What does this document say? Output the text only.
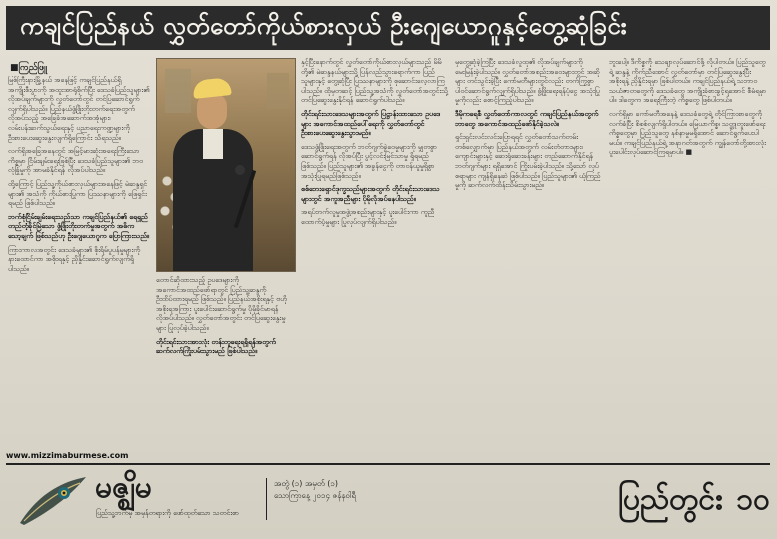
ကချင်ပြည်နယ် လွှတ်တော်ကိုယ်စားလှယ် ဦးဂျေယောဂူနှင့်တွေ့ဆုံခြင်း
■ကြည်ဖြူ

မြစ်ကြီးနားမြို့နယ် အနေဖြင့် ကချင်ပြည်နယ်ရှိ အကျိုးစီးပွားကို အထူးအာရုံစိုက်ပြီး ဒေသခံပြည်သူများ၏ လိုအပ်ချက်များကို လွှတ်တော်တွင် တင်ပြဆောင်ရွက်လျက်ရှိပါသည်။ ပြည်နယ်ဖွံ့ဖြိုးတိုးတက်ရေးအတွက် လိုအပ်သည့် အခြေခံအဆောက်အအုံများ၊ လမ်းပန်းဆက်သွယ်ရေးနှင့် ပညာရေးကဏ္ဍများကို ဦးစားပေးဆွေးနွေးလျက်ရှိကြောင်း သိရသည်။

လက်ရှိအခြေအနေတွင် အမြင့်မားဆုံးအရေးကြီးသော ကိစ္စမှာ ငြိမ်းချမ်းရေးဖြစ်ပြီး ဒေသခံပြည်သူများ၏ ဘဝလုံခြုံမှုကို အာမခံနိုင်ရန် လိုအပ်ပါသည်။

ထို့ကြောင့် ပြည်သူ့ကိုယ်စားလှယ်များအနေဖြင့် မဲဆန္ဒရှင်များ၏ အသံကို ကိုယ်စားပြုကာ ပြဿနာများကို ဖြေရှင်းရမည် ဖြစ်ပါသည်။

ဘက်စုံငြိမ်းချမ်းရေးသည်သာ ကချင်ပြည်နယ်၏ ရေရှည်တည်တံ့ခိုင်မြဲသော ဖွံ့ဖြိုးတိုးတက်မှုအတွက် အဓိကသော့ချက် ဖြစ်သည်ဟု ဦးဂျေယောဂူက ပြောကြားသည်။

ကြားကာလအတွင်း ဒေသခံများ၏ စိုးရိမ်ပူပန်မှုများကို နားထောင်ကာ အစိုးရနှင့် ညှိနှိုင်းဆောင်ရွက်လျက်ရှိပါသည်။

တောင်ဆိုထားသည့် ဥပဒေများကို အကောင်အထည်ဖော်ရာတွင် ပြည်သူ့ဆန္ဒကို ဦးထိပ်ထားရမည် ဖြစ်သည်။ ပြည်နယ်အစိုးရနှင့် ဗဟိုအစိုးရအကြား ပူးပေါင်းဆောင်ရွက်မှု ပိုမိုခိုင်မာရန် လိုအပ်ပါသည်။ လွှတ်တော်အတွင်း တင်ပြဆွေးနွေးမှုများ ပြုလုပ်ခဲ့ပါသည်။

တိုင်းရင်းသားအားလုံး တန်းတူရေးရရှိရန်အတွက် ဆက်လက်ကြိုးပမ်းသွားမည် ဖြစ်ပါသည်။

နှင့်ပြီးနောက်တွင် လွှတ်တော်ကိုယ်စားလှယ်များသည် မိမိတို့၏ မဲဆန္ဒနယ်များသို့ ပြန်လည်သွားရောက်ကာ ပြည်သူများနှင့် တွေ့ဆုံပြီး ပြဿနာများကို စုဆောင်းလေ့လာကြပါသည်။ ထိုမှတဆင့် ပြည်သူ့အသံကို လွှတ်တော်အတွင်းသို့ တင်ပြဆွေးနွေးနိုင်ရန် ဆောင်ရွက်ပါသည်။

တိုင်းရင်းသားဒေသများအတွက် ပြဋ္ဌာန်းထားသော ဥပဒေများ အကောင်အထည်ပေါ်ရေးကို လွှတ်တော်တွင် ဦးစားပေးဆွေးနွေးသွားမည်။

ဒေသဖွံ့ဖြိုးရေးအတွက် ဘတ်ဂျက်ခွဲဝေမှုများကို မျှတစွာ ဆောင်ရွက်ရန် လိုအပ်ပြီး ပွင့်လင်းမြင်သာမှု ရှိရမည် ဖြစ်သည်။ ပြည်သူများ၏ အခွန်ငွေကို တာဝန်ယူမှုရှိစွာ အသုံးပြုရမည်ဖြစ်သည်။

စစ်ဘေးရှောင်ဒုက္ခသည်များအတွက် တိုင်းရင်းသားဒေသများတွင် အကူအညီများ ပိုမိုလိုအပ်နေပါသည်။

အရပ်ဘက်လူမှုအဖွဲ့အစည်းများနှင့် ပူးပေါင်းကာ ကူညီထောက်ပံ့မှုများ ပြုလုပ်လျက်ရှိပါသည်။

မှတွေ့ဆုံခဲ့ကြပြီး ဒေသခံလူထု၏ လိုအပ်ချက်များကို မေးမြန်းခဲ့ပါသည်။ လွှတ်တော်အစည်းအဝေးများတွင် အဆိုများ တင်သွင်းခဲ့ပြီး ကော်မတီများတွင်လည်း တက်ကြွစွာ ပါဝင်ဆောင်ရွက်လျက်ရှိပါသည်။ ဖွံ့ဖြိုးရေးရန်ပုံငွေ အသုံးပြုမှုကိုလည်း စောင့်ကြည့်ပါသည်။

ဒီမိုကရေစီ လွှတ်တော်ကာလတွင် ကချင်ပြည်နယ်အတွက် ဘာတွေ အကောင်အထည်ဖော်နိုင်ခဲ့သလဲ။

ရှင်းရှင်းလင်းလင်းပြောရရင် လွှတ်တော်သက်တမ်း တစ်လျှောက်မှာ ပြည်နယ်အတွက် လမ်းတံတားများ၊ ကျောင်းများနှင့် ဆေးရုံဆေးခန်းများ တည်ဆောက်နိုင်ရန် ဘတ်ဂျက်များ ရရှိအောင် ကြိုးပမ်းခဲ့ပါသည်။ သို့သော် လုပ်စရာများ ကျန်ရှိနေဆဲ ဖြစ်ပါသည်။ ပြည်သူများ၏ ယုံကြည်မှုကို ဆက်လက်ထိန်းသိမ်းသွားမည်။

ဘူးပေါ့။ ဒီကိစ္စကို သေချာလုပ်ဆောင်ဖို့ လိုပါတယ်။ ပြည်သူတွေရဲ့ ဆန္ဒနဲ့ ကိုက်ညီအောင် လွှတ်တော်မှာ တင်ပြဆွေးနွေးပြီး အစိုးရနဲ့ ညှိနှိုင်းရမှာ ဖြစ်ပါတယ်။ ကချင်ပြည်နယ်ရဲ့ သဘာဝသယံဇာတတွေကို ဒေသခံတွေ အကျိုးခံစားခွင့်ရအောင် စီမံရမှာပါ။ ဒါတွေက အရေးကြီးတဲ့ ကိစ္စတွေ ဖြစ်ပါတယ်။

လက်ရှိမှာ ကော်မတီအနေနဲ့ ဒေသခံတွေရဲ့ တိုင်ကြားစာတွေကို လက်ခံပြီး စိစစ်လျက်ရှိပါတယ်။ မြေယာကိစ္စ၊ သတ္တုတူးဖော်ရေးကိစ္စတွေမှာ ပြည်သူတွေ နစ်နာမှုမရှိအောင် ဆောင်ရွက်ပေးပါမယ်။ ကချင်ပြည်နယ်ရဲ့ အနာဂတ်အတွက် ကျွန်တော်တို့အားလုံး ပူးပေါင်းလုပ်ဆောင်ကြရမှာပါ။ ■

www.mizzimaburmese.com
မဇ္ဈိမ
ပြည်သူ့ဘက်မှ အမှန်တရားကို ဖော်ထုတ်သော သတင်းစာ
အတွဲ (၁) အမှတ် (၁)
သောကြာနေ့ ၂၀၁၄ ဇန်နဝါရီ	ပြည်တွင်း ၁၀
